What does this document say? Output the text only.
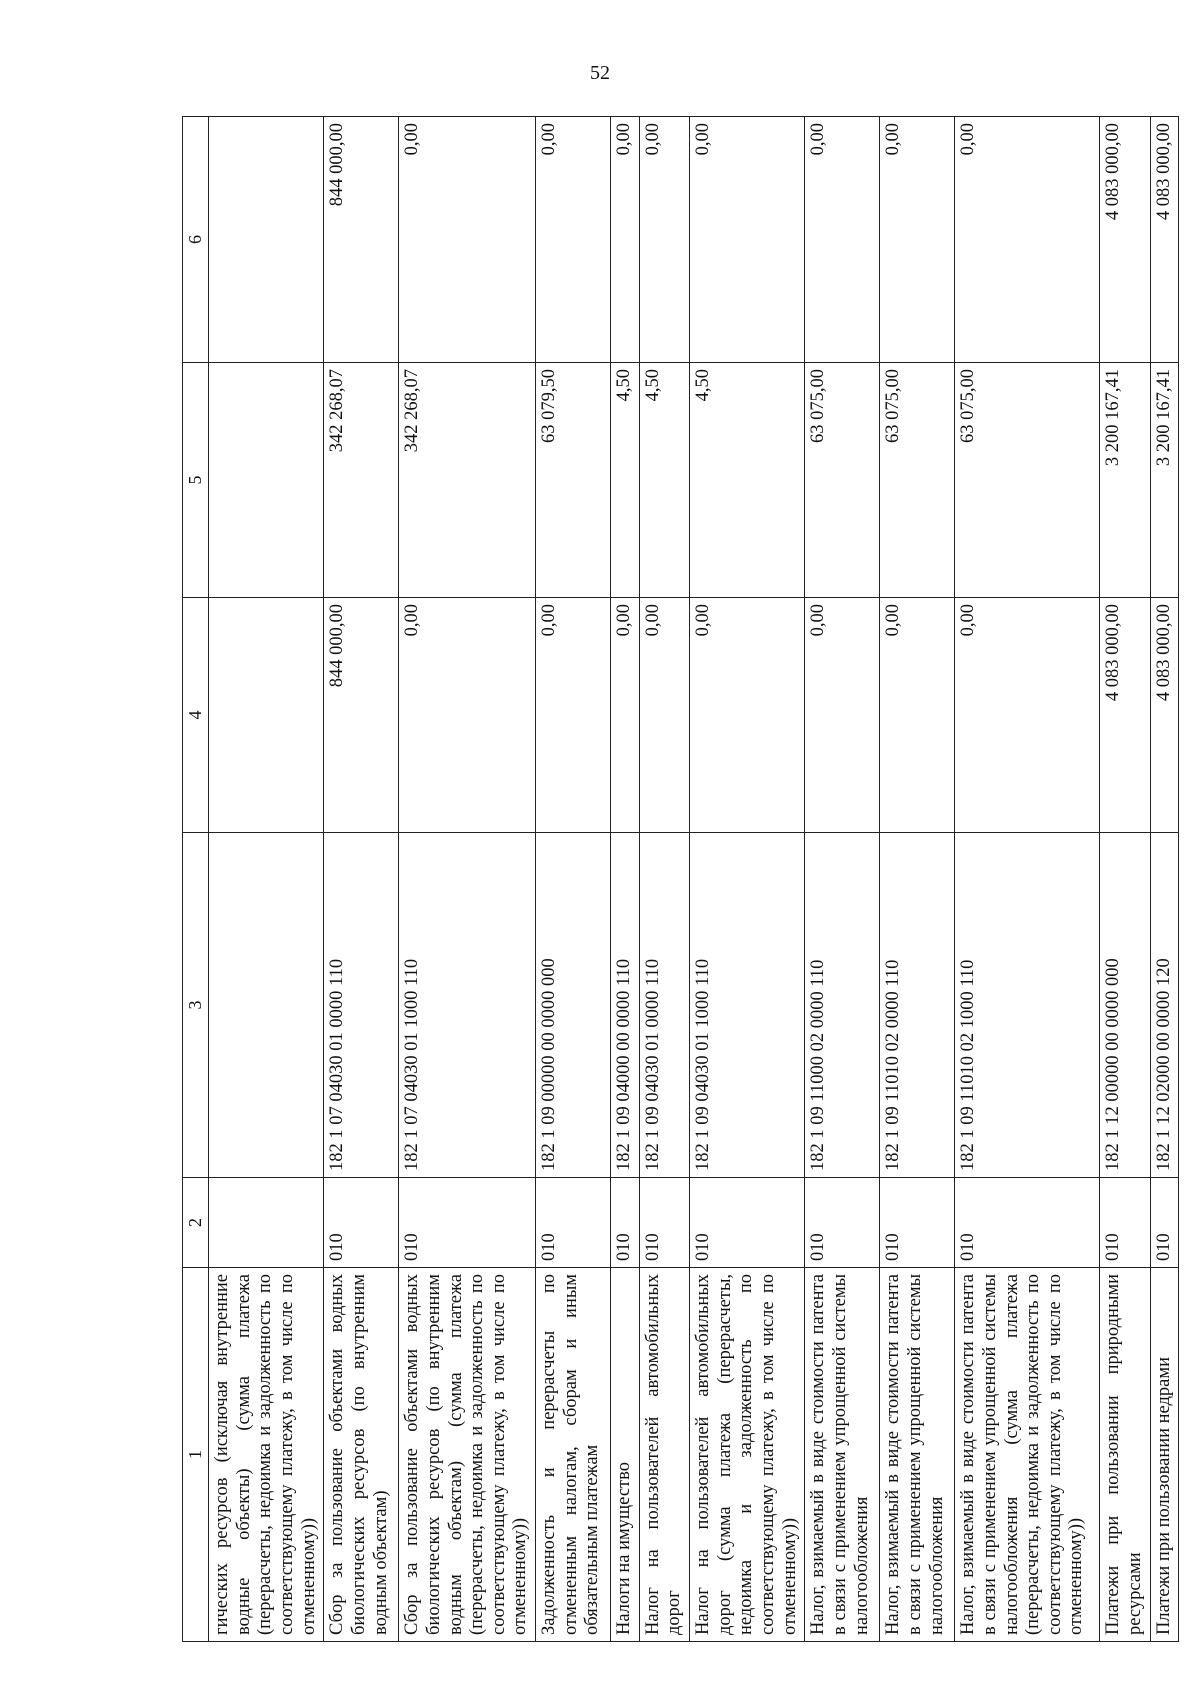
52
1	2	3	4	5	6
гических ресурсов (исключая внутренние водные объекты) (сумма платежа (перерасчеты, недоимка и задолженность по соответствующему платежу, в том числе по отмененному))					
Сбор за пользование объектами водных биологических ресурсов (по внутренним водным объектам)	010	182 1 07 04030 01 0000 110	844 000,00	342 268,07	844 000,00
Сбор за пользование объектами водных биологических ресурсов (по внутренним водным объектам) (сумма платежа (перерасчеты, недоимка и задолженность по соответствующему платежу, в том числе по отмененному))	010	182 1 07 04030 01 1000 110	0,00	342 268,07	0,00
Задолженность и перерасчеты по отмененным налогам, сборам и иным обязательным платежам	010	182 1 09 00000 00 0000 000	0,00	63 079,50	0,00
Налоги на имущество	010	182 1 09 04000 00 0000 110	0,00	4,50	0,00
Налог на пользователей автомобильных дорог	010	182 1 09 04030 01 0000 110	0,00	4,50	0,00
Налог на пользователей автомобильных дорог (сумма платежа (перерасчеты, недоимка и задолженность по соответствующему платежу, в том числе по отмененному))	010	182 1 09 04030 01 1000 110	0,00	4,50	0,00
Налог, взимаемый в виде стоимости патента в связи с применением упрощенной системы налогообложения	010	182 1 09 11000 02 0000 110	0,00	63 075,00	0,00
Налог, взимаемый в виде стоимости патента в связи с применением упрощенной системы налогообложения	010	182 1 09 11010 02 0000 110	0,00	63 075,00	0,00
Налог, взимаемый в виде стоимости патента в связи с применением упрощенной системы налогообложения (сумма платежа (перерасчеты, недоимка и задолженность по соответствующему платежу, в том числе по отмененному))	010	182 1 09 11010 02 1000 110	0,00	63 075,00	0,00
Платежи при пользовании природными ресурсами	010	182 1 12 00000 00 0000 000	4 083 000,00	3 200 167,41	4 083 000,00
Платежи при пользовании недрами	010	182 1 12 02000 00 0000 120	4 083 000,00	3 200 167,41	4 083 000,00
